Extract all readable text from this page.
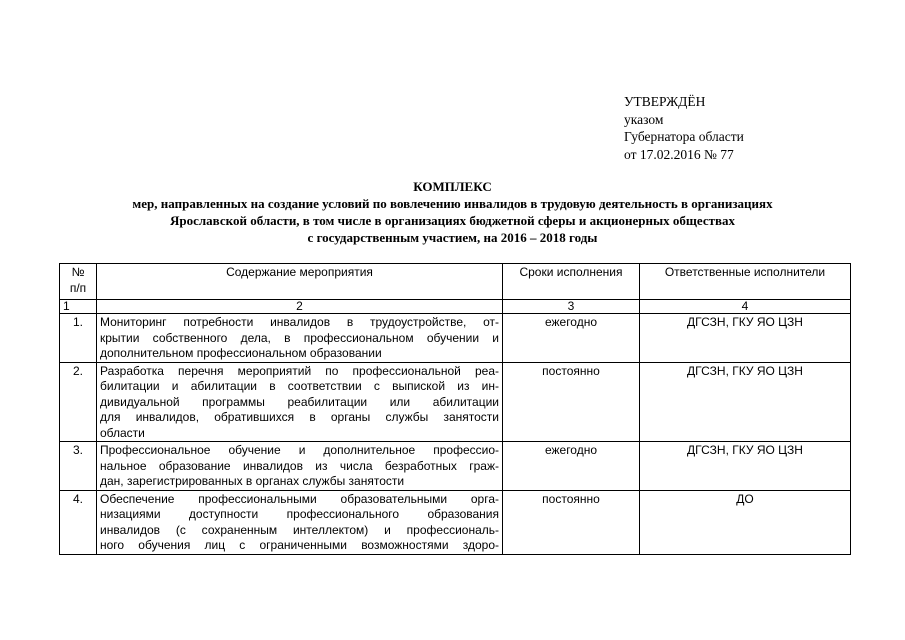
УТВЕРЖДЁН
указом
Губернатора области
от 17.02.2016 № 77
КОМПЛЕКС
мер, направленных на создание условий по вовлечению инвалидов в трудовую деятельность в организациях
Ярославской области, в том числе в организациях бюджетной сферы и акционерных обществах
с государственным участием, на 2016 – 2018 годы
№
п/п	Содержание мероприятия	Сроки исполнения	Ответственные исполнители
1	2	3	4
1.	Мониторинг потребности инвалидов в трудоустройстве, от-
крытии собственного дела, в профессиональном обучении и
дополнительном профессиональном образовании	ежегодно	ДГСЗН, ГКУ ЯО ЦЗН
2.	Разработка перечня мероприятий по профессиональной реа-
билитации и абилитации в соответствии с выпиской из ин-
дивидуальной программы реабилитации или абилитации
для инвалидов, обратившихся в органы службы занятости
области	постоянно	ДГСЗН, ГКУ ЯО ЦЗН
3.	Профессиональное обучение и дополнительное профессио-
нальное образование инвалидов из числа безработных граж-
дан, зарегистрированных в органах службы занятости	ежегодно	ДГСЗН, ГКУ ЯО ЦЗН
4.	Обеспечение профессиональными образовательными орга-
низациями доступности профессионального образования
инвалидов (с сохраненным интеллектом) и профессиональ-
ного обучения лиц с ограниченными возможностями здоро-	постоянно	ДО
